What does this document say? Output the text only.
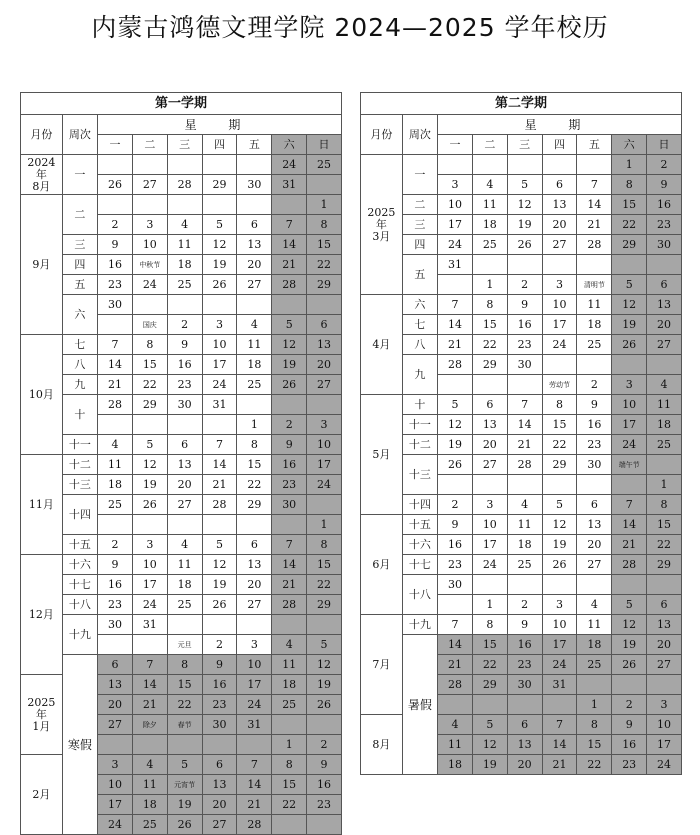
内蒙古鸿德文理学院 2024—2025 学年校历
第一学期								
月份	周次	星 期						
		一	二	三	四	五	六	日
2024 年
8月	一						24	25
		26	27	28	29	30	31	
9月	二							1
		2	3	4	5	6	7	8
	三	9	10	11	12	13	14	15
	四	16	中秋节	18	19	20	21	22
	五	23	24	25	26	27	28	29
	六	30						
			国庆	2	3	4	5	6
10月	七	7	8	9	10	11	12	13
	八	14	15	16	17	18	19	20
	九	21	22	23	24	25	26	27
	十	28	29	30	31			
						1	2	3
	十一	4	5	6	7	8	9	10
11月	十二	11	12	13	14	15	16	17
	十三	18	19	20	21	22	23	24
	十四	25	26	27	28	29	30	
								1
	十五	2	3	4	5	6	7	8
12月	十六	9	10	11	12	13	14	15
	十七	16	17	18	19	20	21	22
	十八	23	24	25	26	27	28	29
	十九	30	31					
				元旦	2	3	4	5
	寒假	6	7	8	9	10	11	12
2025 年
1月		13	14	15	16	17	18	19
		20	21	22	23	24	25	26
		27	除夕	春节	30	31		
							1	2
2月		3	4	5	6	7	8	9
		10	11	元宵节	13	14	15	16
		17	18	19	20	21	22	23
		24	25	26	27	28		
第二学期								
月份	周次	星 期						
		一	二	三	四	五	六	日
2025 年
3月	一						1	2
		3	4	5	6	7	8	9
	二	10	11	12	13	14	15	16
	三	17	18	19	20	21	22	23
	四	24	25	26	27	28	29	30
	五	31						
			1	2	3	清明节	5	6
4月	六	7	8	9	10	11	12	13
	七	14	15	16	17	18	19	20
	八	21	22	23	24	25	26	27
	九	28	29	30				
					劳动节	2	3	4
5月	十	5	6	7	8	9	10	11
	十一	12	13	14	15	16	17	18
	十二	19	20	21	22	23	24	25
	十三	26	27	28	29	30	端午节	
								1
	十四	2	3	4	5	6	7	8
6月	十五	9	10	11	12	13	14	15
	十六	16	17	18	19	20	21	22
	十七	23	24	25	26	27	28	29
	十八	30						
			1	2	3	4	5	6
7月	十九	7	8	9	10	11	12	13
	暑假	14	15	16	17	18	19	20
		21	22	23	24	25	26	27
		28	29	30	31			
						1	2	3
8月		4	5	6	7	8	9	10
		11	12	13	14	15	16	17
		18	19	20	21	22	23	24
